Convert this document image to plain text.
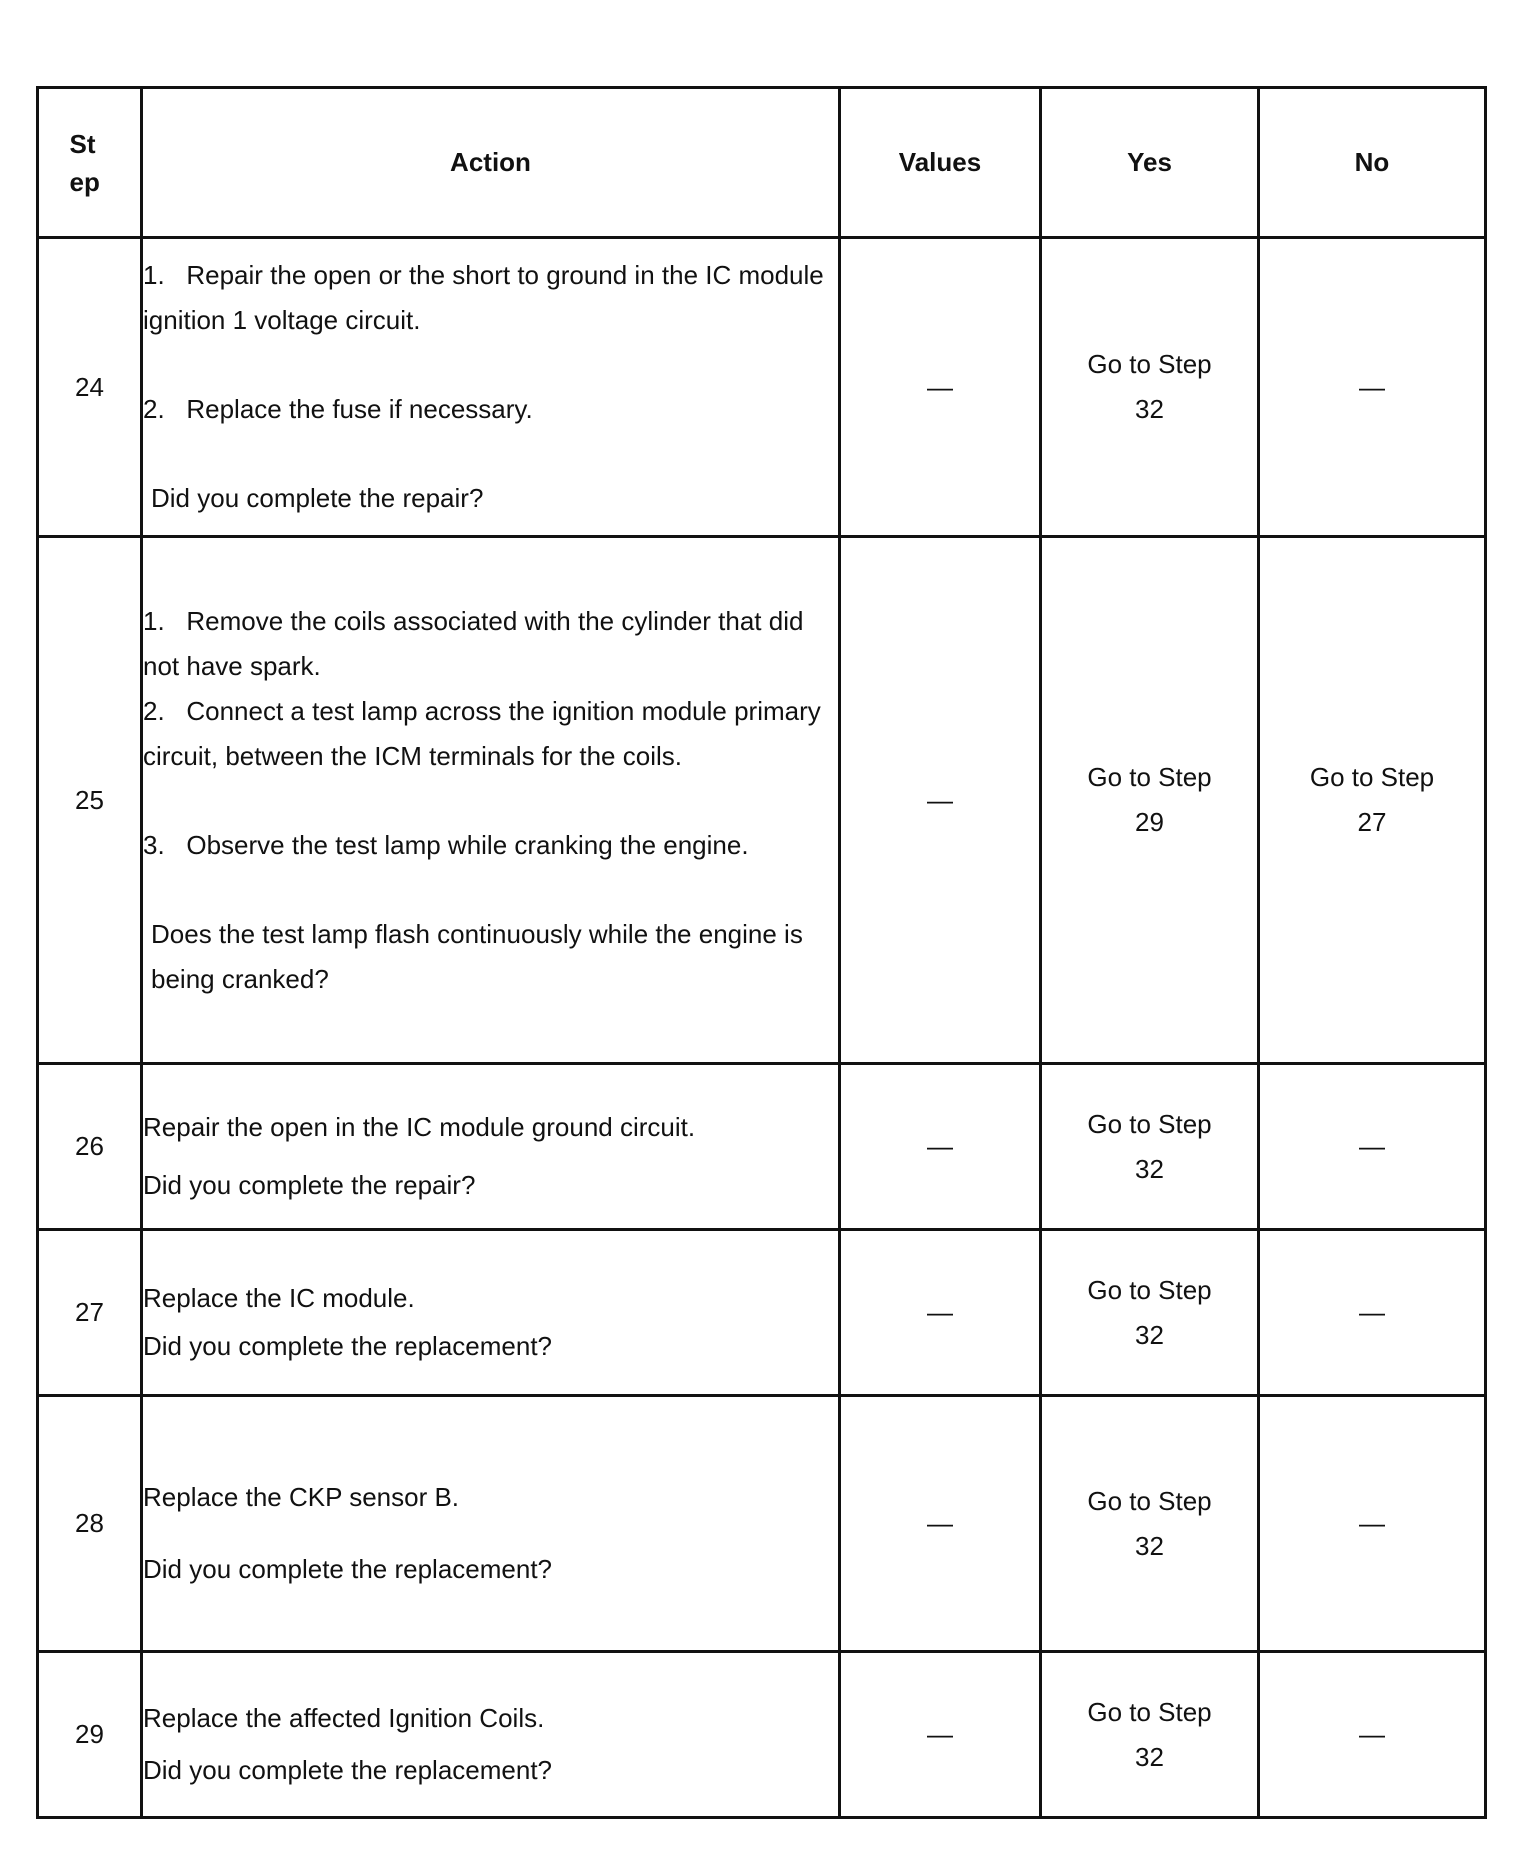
Step	Action	Values	Yes	No
24	1.   Repair the open or the short to ground in the IC module ignition 1 voltage circuit.

2.   Replace the fuse if necessary.

Did you complete the repair?	—	Go to Step 32	—
25	1.   Remove the coils associated with the cylinder that did not have spark.

2.   Connect a test lamp across the ignition module primary circuit, between the ICM terminals for the coils.

3.   Observe the test lamp while cranking the engine.

Does the test lamp flash continuously while the engine is being cranked?	—	Go to Step 29	Go to Step 27
26	Repair the open in the IC module ground circuit.

Did you complete the repair?	—	Go to Step 32	—
27	Replace the IC module.

Did you complete the replacement?	—	Go to Step 32	—
28	Replace the CKP sensor B.

Did you complete the replacement?	—	Go to Step 32	—
29	Replace the affected Ignition Coils.

Did you complete the replacement?	—	Go to Step 32	—
